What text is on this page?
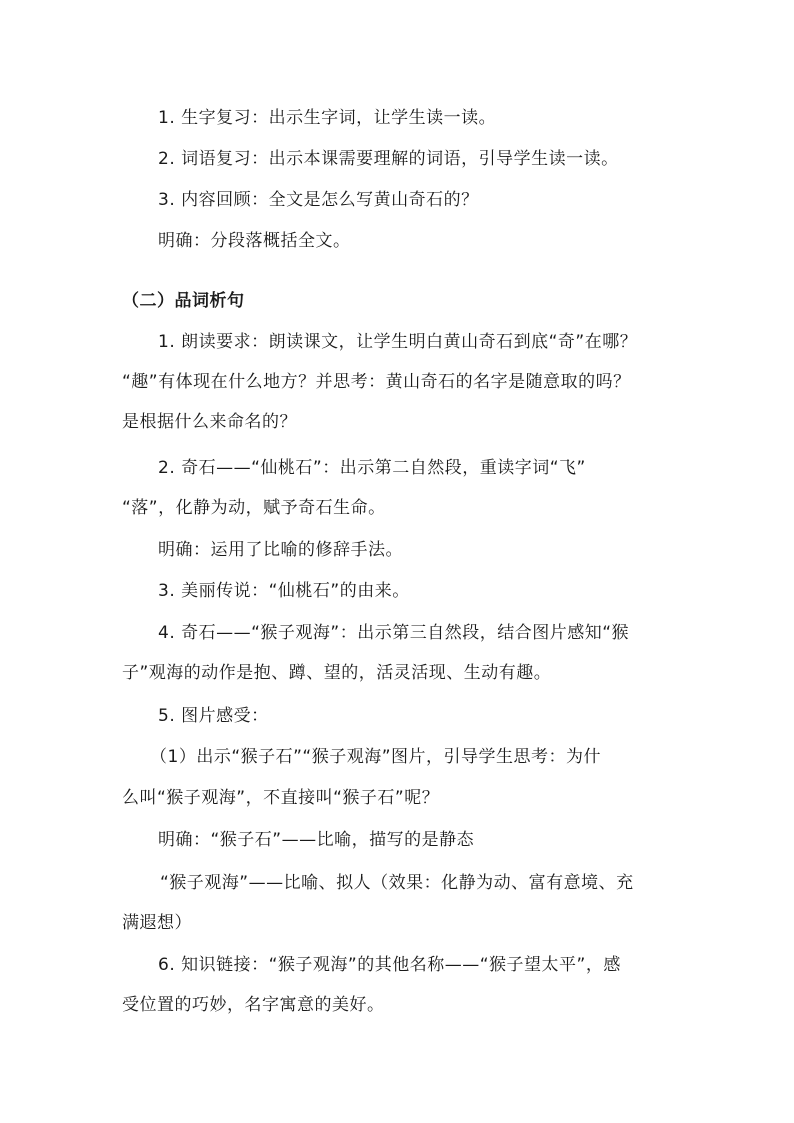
1. 生字复习：出示生字词，让学生读一读。
2. 词语复习：出示本课需要理解的词语，引导学生读一读。
3. 内容回顾：全文是怎么写黄山奇石的？
明确：分段落概括全文。
（二）品词析句
1. 朗读要求：朗读课文，让学生明白黄山奇石到底“奇”在哪？
“趣”有体现在什么地方？并思考：黄山奇石的名字是随意取的吗？
是根据什么来命名的？
2. 奇石——“仙桃石”：出示第二自然段，重读字词“飞”
“落”，化静为动，赋予奇石生命。
明确：运用了比喻的修辞手法。
3. 美丽传说：“仙桃石”的由来。
4. 奇石——“猴子观海”：出示第三自然段，结合图片感知“猴
子”观海的动作是抱、蹲、望的，活灵活现、生动有趣。
5. 图片感受：
（1）出示“猴子石”“猴子观海”图片，引导学生思考：为什
么叫“猴子观海”，不直接叫“猴子石”呢？
明确：“猴子石”——比喻，描写的是静态
“猴子观海”——比喻、拟人（效果：化静为动、富有意境、充
满遐想）
6. 知识链接：“猴子观海”的其他名称——“猴子望太平”，感
受位置的巧妙，名字寓意的美好。
